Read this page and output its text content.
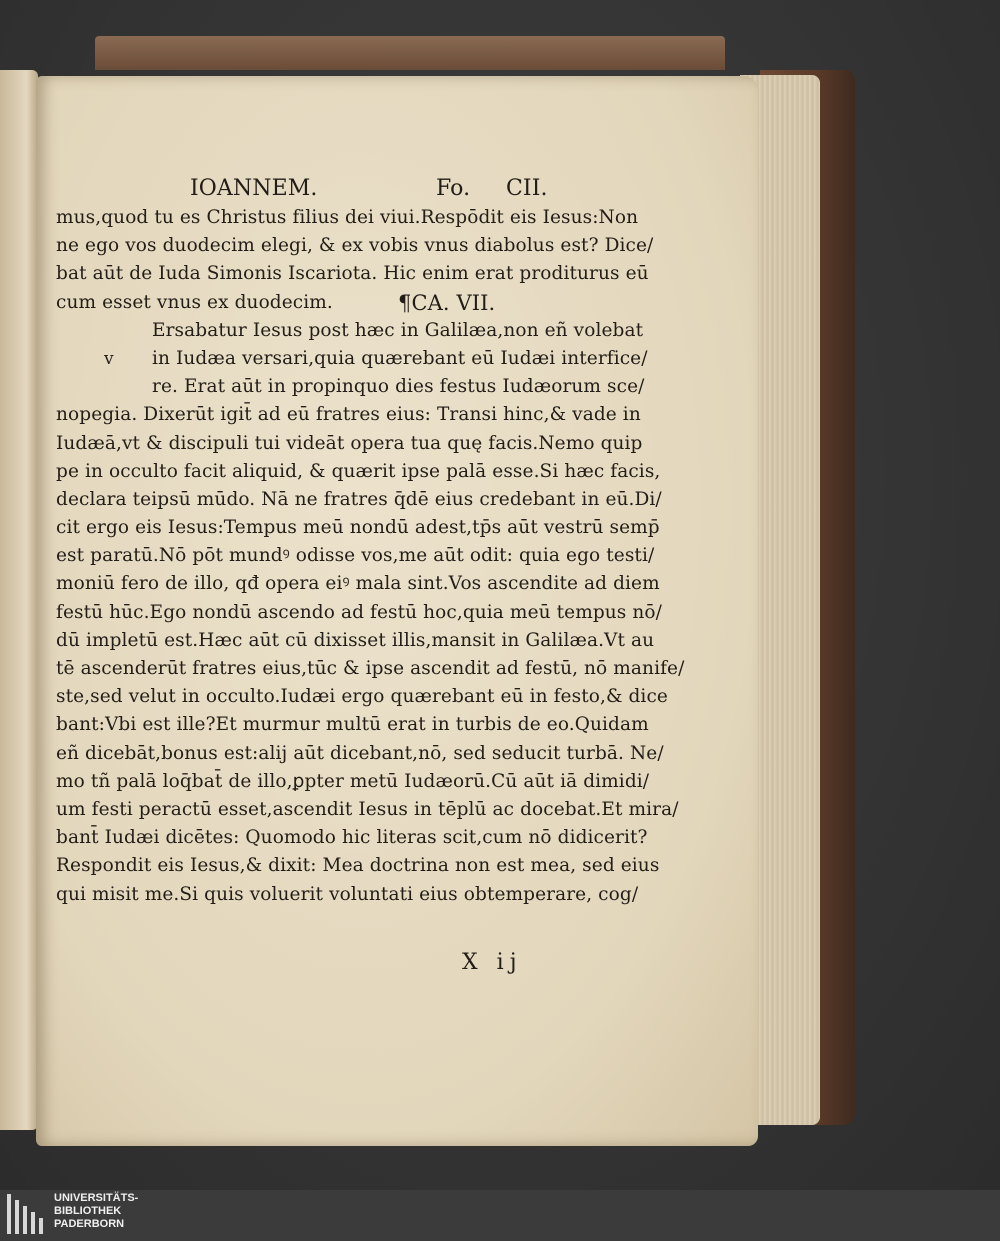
IOANNEM.	Fo. CII.
mus,quod tu es Christus filius dei viui.Respōdit eis Iesus:Non
ne ego vos duodecim elegi, & ex vobis vnus diabolus est? Dice/
bat aūt de Iuda Simonis Iscariota. Hic enim erat proditurus eū
cum esset vnus ex duodecim.	¶CA. VII.
Ersabatur Iesus post hæc in Galilæa,non eñ volebat
v in Iudæa versari,quia quærebant eū Iudæi interfice/
re. Erat aūt in propinquo dies festus Iudæorum sce/
nopegia. Dixerūt igit̄ ad eū fratres eius: Transi hinc,& vade in
Iudæā,vt & discipuli tui videāt opera tua quę facis.Nemo quip
pe in occulto facit aliquid, & quærit ipse palā esse.Si hæc facis,
declara teipsū mūdo. Nā ne fratres q̄dē eius credebant in eū.Di/
cit ergo eis Iesus:Tempus meū nondū adest,tp̄s aūt vestrū semp̄
est paratū.Nō pōt mundꝰ odisse vos,me aūt odit: quia ego testi/
moniū fero de illo, qđ opera eiꝰ mala sint.Vos ascendite ad diem
festū hūc.Ego nondū ascendo ad festū hoc,quia meū tempus nō/
dū impletū est.Hæc aūt cū dixisset illis,mansit in Galilæa.Vt au
tē ascenderūt fratres eius,tūc & ipse ascendit ad festū, nō manife/
ste,sed velut in occulto.Iudæi ergo quærebant eū in festo,& dice
bant:Vbi est ille?Et murmur multū erat in turbis de eo.Quidam
eñ dicebāt,bonus est:alij aūt dicebant,nō, sed seducit turbā. Ne/
mo tñ palā loq̄bat̄ de illo,ꝑpter metū Iudæorū.Cū aūt iā dimidi/
um festi peractū esset,ascendit Iesus in tēplū ac docebat.Et mira/
bant̄ Iudæi dicētes: Quomodo hic literas scit,cum nō didicerit?
Respondit eis Iesus,& dixit: Mea doctrina non est mea, sed eius
qui misit me.Si quis voluerit voluntati eius obtemperare, cog/
X ij
UNIVERSITÄTS-
BIBLIOTHEK
PADERBORN
